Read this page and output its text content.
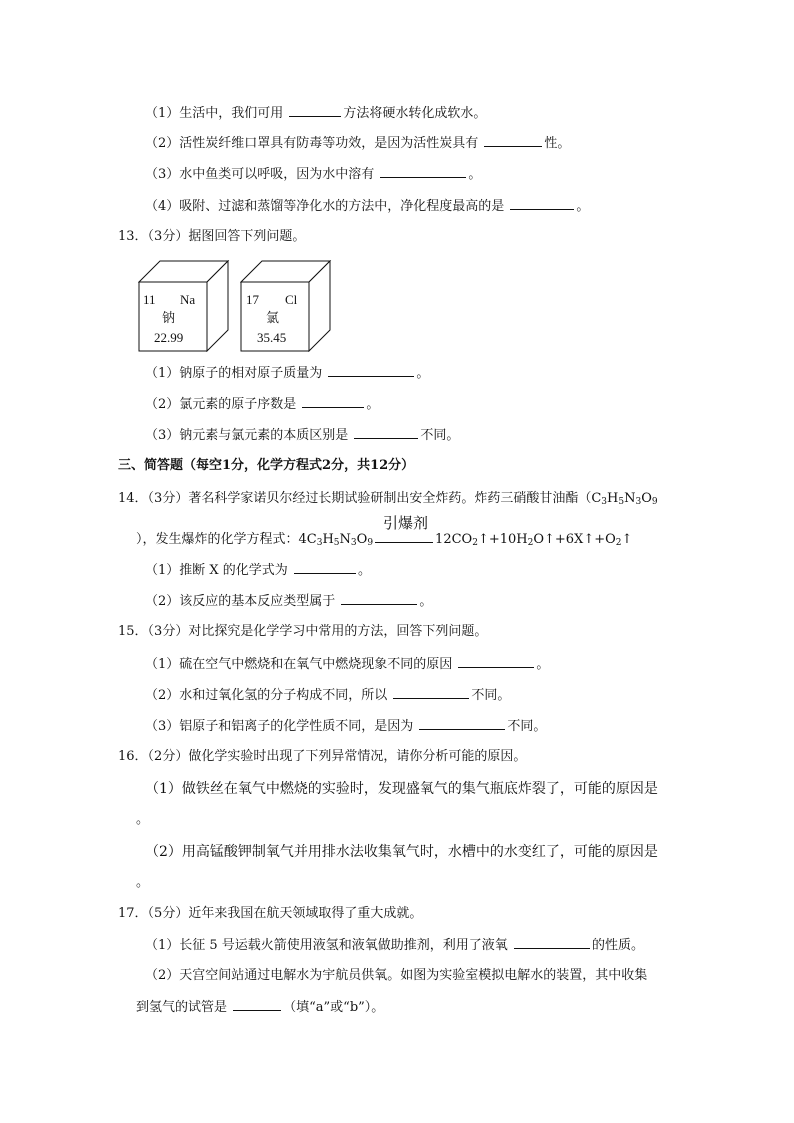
（1）生活中，我们可用	方法将硬水转化成软水。
（2）活性炭纤维口罩具有防毒等功效，是因为活性炭具有	性。
（3）水中鱼类可以呼吸，因为水中溶有	。
（4）吸附、过滤和蒸馏等净化水的方法中，净化程度最高的是	。
13．（3分）据图回答下列问题。
11 Na
钠
22.99
17 Cl
氯
35.45
（1）钠原子的相对原子质量为	。
（2）氯元素的原子序数是	。
（3）钠元素与氯元素的本质区别是	不同。
三、简答题（每空1分，化学方程式2分，共12分）
14．（3分）著名科学家诺贝尔经过长期试验研制出安全炸药。炸药三硝酸甘油酯（$C_3H_5N_3O_9$
），发生爆炸的化学方程式：$4C_3H_5N_3O_9$
引爆剂
$12CO_2↑+10H_2O↑+6X↑+O_2↑$
（1）推断 X 的化学式为	。
（2）该反应的基本反应类型属于	。
15．（3分）对比探究是化学学习中常用的方法，回答下列问题。
（1）硫在空气中燃烧和在氧气中燃烧现象不同的原因	。
（2）水和过氧化氢的分子构成不同，所以	不同。
（3）铝原子和铝离子的化学性质不同，是因为	不同。
16．（2分）做化学实验时出现了下列异常情况，请你分析可能的原因。
（1）做铁丝在氧气中燃烧的实验时，发现盛氧气的集气瓶底炸裂了，可能的原因是
。
（2）用高锰酸钾制氧气并用排水法收集氧气时，水槽中的水变红了，可能的原因是
。
17．（5分）近年来我国在航天领域取得了重大成就。
（1）长征 5 号运载火箭使用液氢和液氧做助推剂，利用了液氧	的性质。
（2）天宫空间站通过电解水为宇航员供氧。如图为实验室模拟电解水的装置，其中收集
到氢气的试管是	（填“a”或“b”）。
